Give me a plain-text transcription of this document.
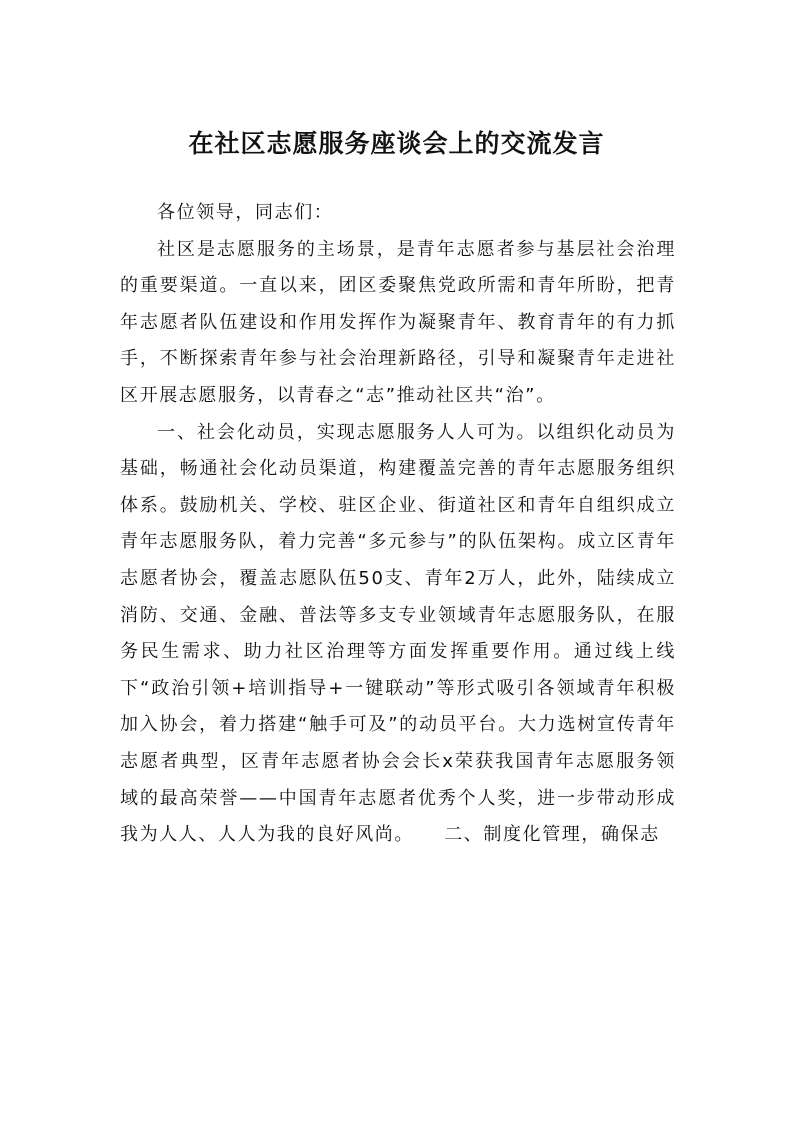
在社区志愿服务座谈会上的交流发言

各位领导，同志们：

社区是志愿服务的主场景，是青年志愿者参与基层社会治理的重要渠道。一直以来，团区委聚焦党政所需和青年所盼，把青年志愿者队伍建设和作用发挥作为凝聚青年、教育青年的有力抓手，不断探索青年参与社会治理新路径，引导和凝聚青年走进社区开展志愿服务，以青春之“志”推动社区共“治”。

一、社会化动员，实现志愿服务人人可为。以组织化动员为基础，畅通社会化动员渠道，构建覆盖完善的青年志愿服务组织体系。鼓励机关、学校、驻区企业、街道社区和青年自组织成立青年志愿服务队，着力完善“多元参与”的队伍架构。成立区青年志愿者协会，覆盖志愿队伍50支、青年2万人，此外，陆续成立消防、交通、金融、普法等多支专业领域青年志愿服务队，在服务民生需求、助力社区治理等方面发挥重要作用。通过线上线下“政治引领+培训指导+一键联动”等形式吸引各领域青年积极加入协会，着力搭建“触手可及”的动员平台。大力选树宣传青年志愿者典型，区青年志愿者协会会长x荣获我国青年志愿服务领域的最高荣誉——中国青年志愿者优秀个人奖，进一步带动形成我为人人、人人为我的良好风尚。　　二、制度化管理，确保志
